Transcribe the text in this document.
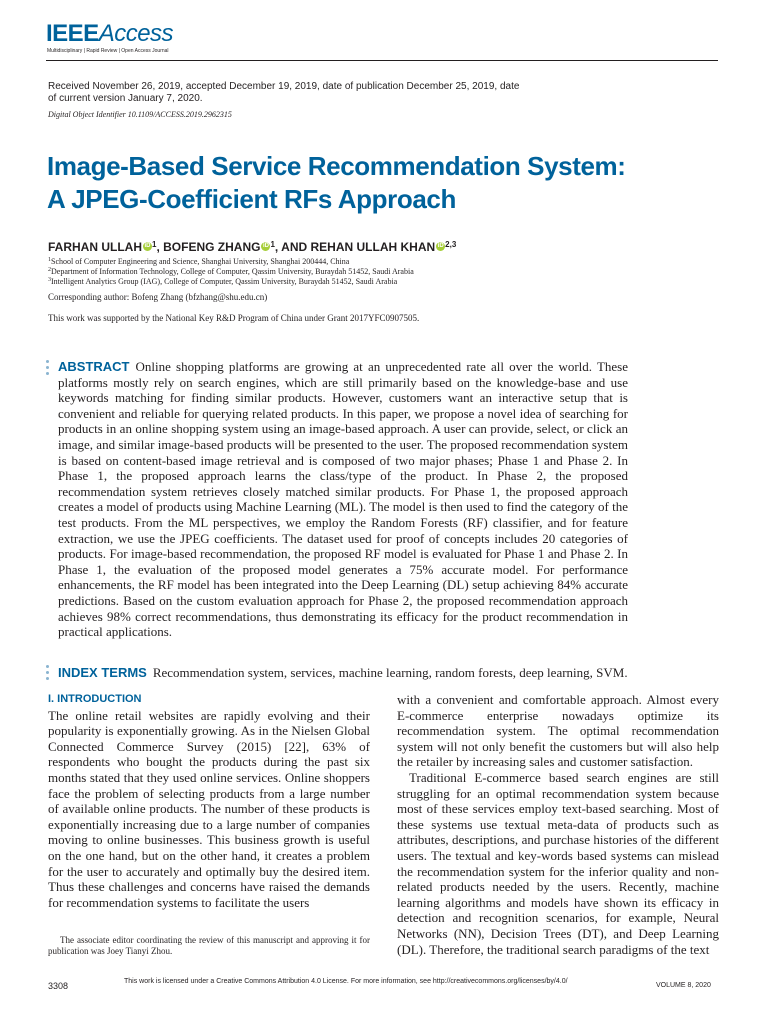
IEEEAccess
Multidisciplinary | Rapid Review | Open Access Journal
Received November 26, 2019, accepted December 19, 2019, date of publication December 25, 2019, date of current version January 7, 2020.
Digital Object Identifier 10.1109/ACCESS.2019.2962315
Image-Based Service Recommendation System:
A JPEG-Coefficient RFs Approach
FARHAN ULLAH iD $^1$, BOFENG ZHANG iD $^1$, AND REHAN ULLAH KHAN iD $^{2,3}$
$^1$School of Computer Engineering and Science, Shanghai University, Shanghai 200444, China
$^2$Department of Information Technology, College of Computer, Qassim University, Buraydah 51452, Saudi Arabia
$^3$Intelligent Analytics Group (IAG), College of Computer, Qassim University, Buraydah 51452, Saudi Arabia
Corresponding author: Bofeng Zhang (bfzhang@shu.edu.cn)
This work was supported by the National Key R&D Program of China under Grant 2017YFC0907505.
ABSTRACT Online shopping platforms are growing at an unprecedented rate all over the world. These platforms mostly rely on search engines, which are still primarily based on the knowledge-base and use keywords matching for finding similar products. However, customers want an interactive setup that is convenient and reliable for querying related products. In this paper, we propose a novel idea of searching for products in an online shopping system using an image-based approach. A user can provide, select, or click an image, and similar image-based products will be presented to the user. The proposed recommendation system is based on content-based image retrieval and is composed of two major phases; Phase 1 and Phase 2. In Phase 1, the proposed approach learns the class/type of the product. In Phase 2, the proposed recommendation system retrieves closely matched similar products. For Phase 1, the proposed approach creates a model of products using Machine Learning (ML). The model is then used to find the category of the test products. From the ML perspectives, we employ the Random Forests (RF) classifier, and for feature extraction, we use the JPEG coefficients. The dataset used for proof of concepts includes 20 categories of products. For image-based recommendation, the proposed RF model is evaluated for Phase 1 and Phase 2. In Phase 1, the evaluation of the proposed model generates a 75% accurate model. For performance enhancements, the RF model has been integrated into the Deep Learning (DL) setup achieving 84% accurate predictions. Based on the custom evaluation approach for Phase 2, the proposed recommendation approach achieves 98% correct recommendations, thus demonstrating its efficacy for the product recommendation in practical applications.
INDEX TERMS Recommendation system, services, machine learning, random forests, deep learning, SVM.
I. INTRODUCTION

The online retail websites are rapidly evolving and their popularity is exponentially growing. As in the Nielsen Global Connected Commerce Survey (2015) [22], 63% of respondents who bought the products during the past six months stated that they used online services. Online shoppers face the problem of selecting products from a large number of available online products. The number of these products is exponentially increasing due to a large number of companies moving to online businesses. This business growth is useful on the one hand, but on the other hand, it creates a problem for the user to accurately and optimally buy the desired item. Thus these challenges and concerns have raised the demands for recommendation systems to facilitate the users

with a convenient and comfortable approach. Almost every E-commerce enterprise nowadays optimize its recommendation system. The optimal recommendation system will not only benefit the customers but will also help the retailer by increasing sales and customer satisfaction.

Traditional E-commerce based search engines are still struggling for an optimal recommendation system because most of these services employ text-based searching. Most of these systems use textual meta-data of products such as attributes, descriptions, and purchase histories of the different users. The textual and key-words based systems can mislead the recommendation system for the inferior quality and non-related products needed by the users. Recently, machine learning algorithms and models have shown its efficacy in detection and recognition scenarios, for example, Neural Networks (NN), Decision Trees (DT), and Deep Learning (DL). Therefore, the traditional search paradigms of the text

The associate editor coordinating the review of this manuscript and approving it for publication was Joey Tianyi Zhou.
3308	This work is licensed under a Creative Commons Attribution 4.0 License. For more information, see http://creativecommons.org/licenses/by/4.0/
VOLUME 8, 2020
